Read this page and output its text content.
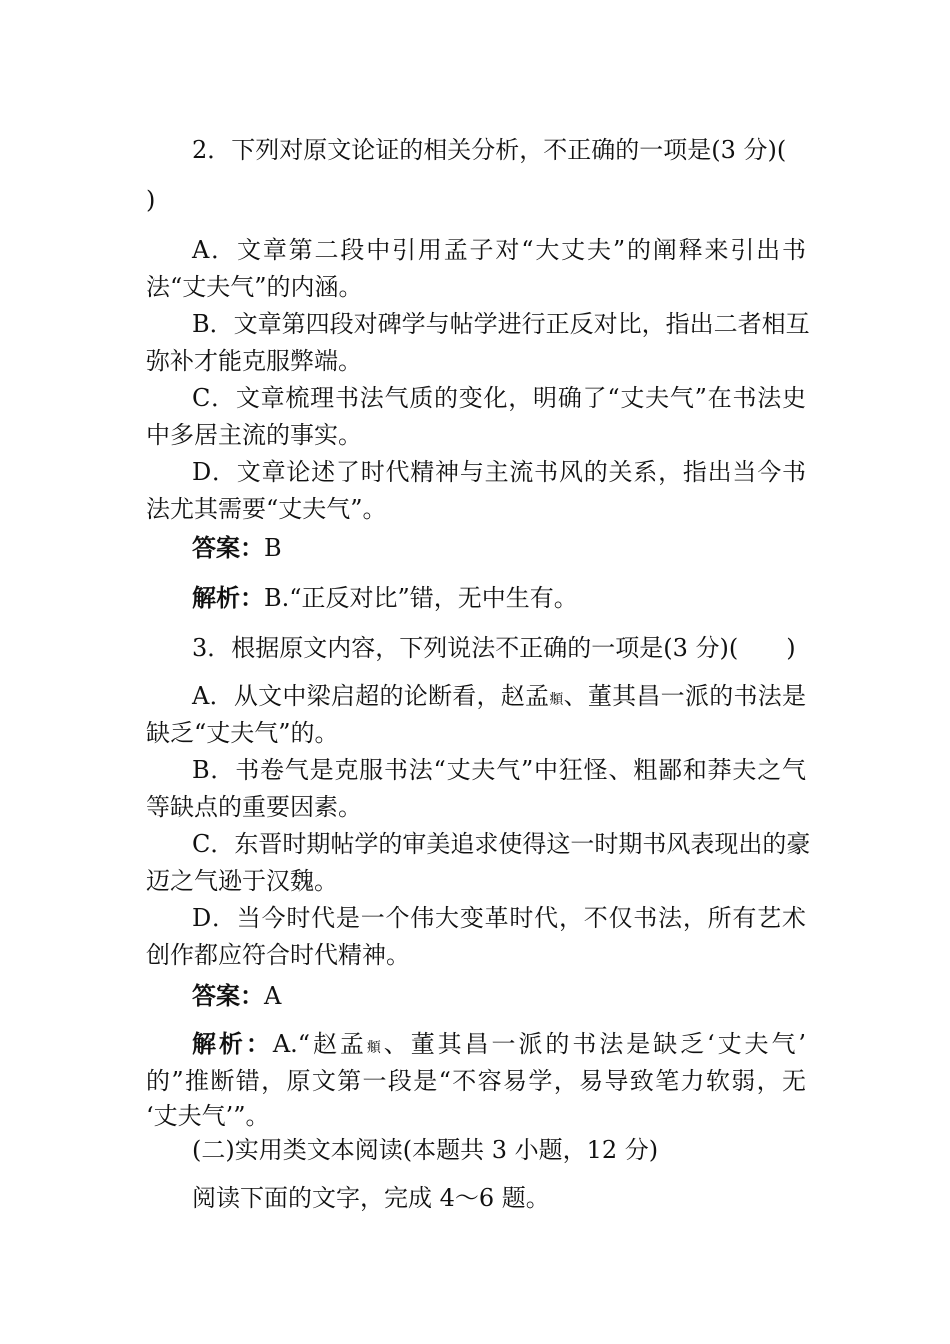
2．下列对原文论证的相关分析，不正确的一项是(3 分)(
)
A．文章第二段中引用孟子对“大丈夫”的阐释来引出书
法“丈夫气”的内涵。
B．文章第四段对碑学与帖学进行正反对比，指出二者相互
弥补才能克服弊端。
C．文章梳理书法气质的变化，明确了“丈夫气”在书法史
中多居主流的事实。
D．文章论述了时代精神与主流书风的关系，指出当今书
法尤其需要“丈夫气”。
答案：B
解析：B.“正反对比”错，无中生有。
3．根据原文内容，下列说法不正确的一项是(3 分)(　　)
A．从文中梁启超的论断看，赵孟頫、董其昌一派的书法是
缺乏“丈夫气”的。
B．书卷气是克服书法“丈夫气”中狂怪、粗鄙和莽夫之气
等缺点的重要因素。
C．东晋时期帖学的审美追求使得这一时期书风表现出的豪
迈之气逊于汉魏。
D．当今时代是一个伟大变革时代，不仅书法，所有艺术
创作都应符合时代精神。
答案：A
解析：A.“赵孟頫、董其昌一派的书法是缺乏‘丈夫气’
的”推断错，原文第一段是“不容易学，易导致笔力软弱，无
‘丈夫气’”。
(二)实用类文本阅读(本题共 3 小题，12 分)
阅读下面的文字，完成 4～6 题。
